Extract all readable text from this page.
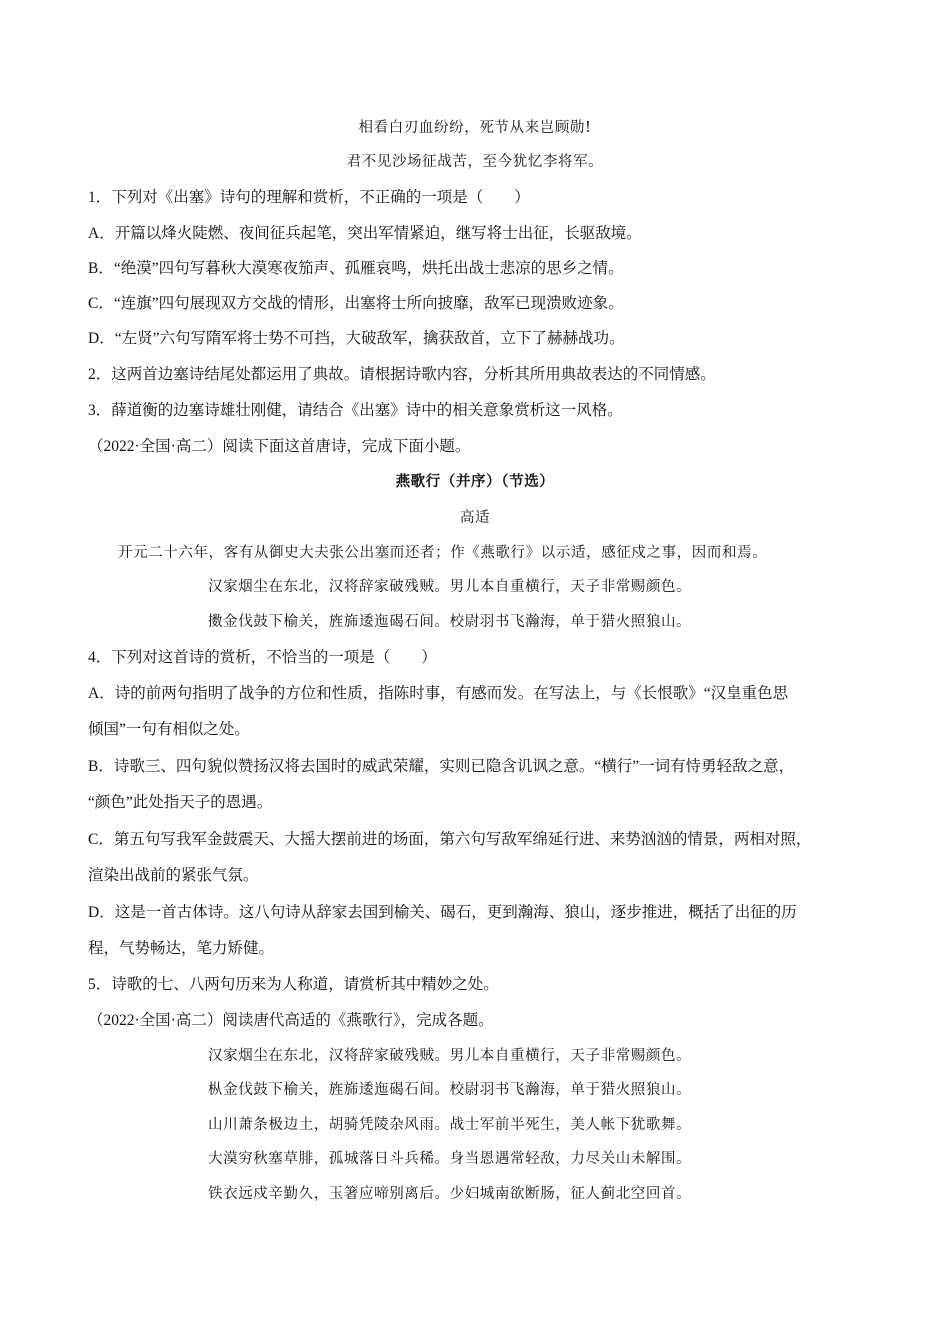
相看白刃血纷纷，死节从来岂顾勋!
君不见沙场征战苦，至今犹忆李将军。
1．下列对《出塞》诗句的理解和赏析，不正确的一项是（　　）
A．开篇以烽火陡燃、夜间征兵起笔，突出军情紧迫，继写将士出征，长驱敌境。
B．“绝漠”四句写暮秋大漠寒夜笳声、孤雁哀鸣，烘托出战士悲凉的思乡之情。
C．“连旗”四句展现双方交战的情形，出塞将士所向披靡，敌军已现溃败迹象。
D．“左贤”六句写隋军将士势不可挡，大破敌军，擒获敌首，立下了赫赫战功。
2．这两首边塞诗结尾处都运用了典故。请根据诗歌内容，分析其所用典故表达的不同情感。
3．薛道衡的边塞诗雄壮刚健，请结合《出塞》诗中的相关意象赏析这一风格。
（2022·全国·高二）阅读下面这首唐诗，完成下面小题。
燕歌行（并序）（节选）
高适
开元二十六年，客有从御史大夫张公出塞而还者；作《燕歌行》以示适，感征戍之事，因而和焉。
汉家烟尘在东北，汉将辞家破残贼。男儿本自重横行，天子非常赐颜色。
擞金伐鼓下榆关，旌旆逶迤碣石间。校尉羽书飞瀚海，单于猎火照狼山。
4．下列对这首诗的赏析，不恰当的一项是（　　）
A．诗的前两句指明了战争的方位和性质，指陈时事，有感而发。在写法上，与《长恨歌》“汉皇重色思
倾国”一句有相似之处。
B．诗歌三、四句貌似赞扬汉将去国时的威武荣耀，实则已隐含讥讽之意。“横行”一词有恃勇轻敌之意，
“颜色”此处指天子的恩遇。
C．第五句写我军金鼓震天、大摇大摆前进的场面，第六句写敌军绵延行进、来势汹汹的情景，两相对照，
渲染出战前的紧张气氛。
D．这是一首古体诗。这八句诗从辞家去国到榆关、碣石，更到瀚海、狼山，逐步推进，概括了出征的历
程，气势畅达，笔力矫健。
5．诗歌的七、八两句历来为人称道，请赏析其中精妙之处。
（2022·全国·高二）阅读唐代高适的《燕歌行》，完成各题。
汉家烟尘在东北，汉将辞家破残贼。男儿本自重横行，天子非常赐颜色。
枞金伐鼓下榆关，旌旆逶迤碣石间。校尉羽书飞瀚海，单于猎火照狼山。
山川萧条极边土，胡骑凭陵杂风雨。战士军前半死生，美人帐下犹歌舞。
大漠穷秋塞草腓，孤城落日斗兵稀。身当恩遇常轻敌，力尽关山未解围。
铁衣远戍辛勤久，玉箸应啼别离后。少妇城南欲断肠，征人蓟北空回首。
